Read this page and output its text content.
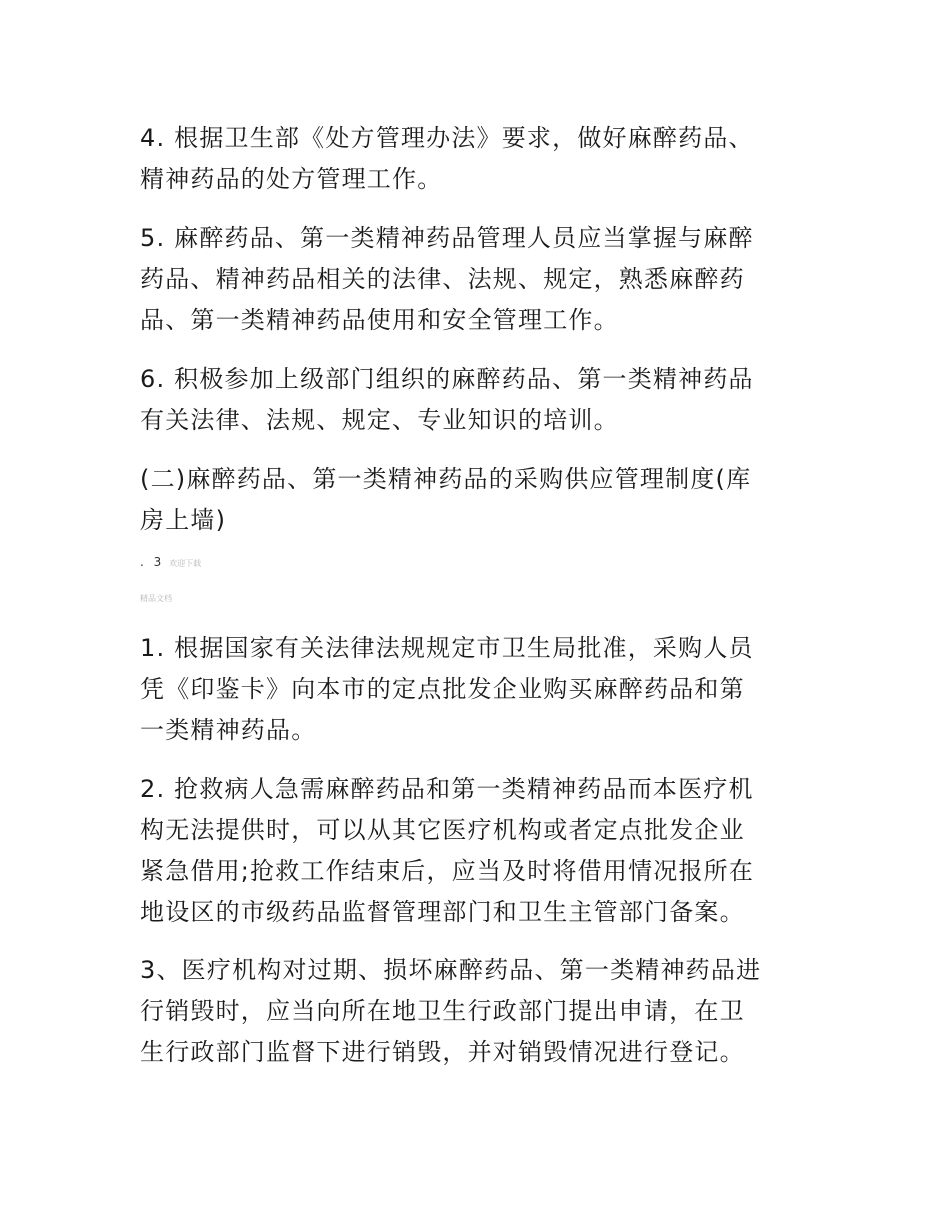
4. 根据卫生部《处方管理办法》要求，做好麻醉药品、
精神药品的处方管理工作。

5. 麻醉药品、第一类精神药品管理人员应当掌握与麻醉
药品、精神药品相关的法律、法规、规定，熟悉麻醉药
品、第一类精神药品使用和安全管理工作。

6. 积极参加上级部门组织的麻醉药品、第一类精神药品
有关法律、法规、规定、专业知识的培训。

(二)麻醉药品、第一类精神药品的采购供应管理制度(库
房上墙)

. 3 欢迎下载
精品文档

1. 根据国家有关法律法规规定市卫生局批准，采购人员
凭《印鉴卡》向本市的定点批发企业购买麻醉药品和第
一类精神药品。

2. 抢救病人急需麻醉药品和第一类精神药品而本医疗机
构无法提供时，可以从其它医疗机构或者定点批发企业
紧急借用;抢救工作结束后，应当及时将借用情况报所在
地设区的市级药品监督管理部门和卫生主管部门备案。

3、医疗机构对过期、损坏麻醉药品、第一类精神药品进
行销毁时，应当向所在地卫生行政部门提出申请，在卫
生行政部门监督下进行销毁，并对销毁情况进行登记。
